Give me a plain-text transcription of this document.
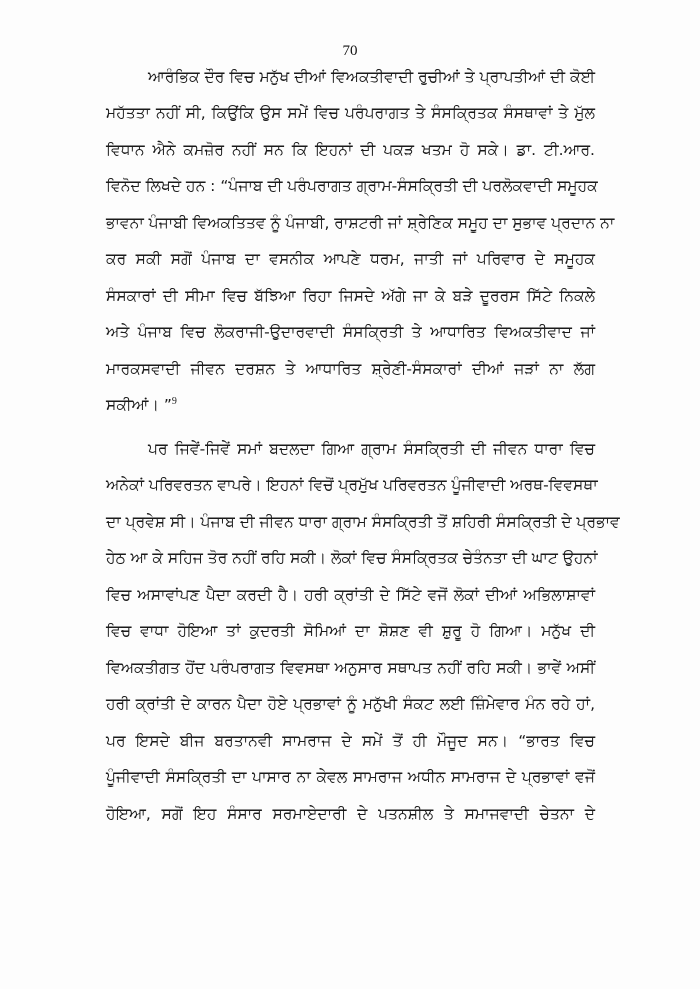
70
ਆਰੰਭਿਕ ਦੌਰ ਵਿਚ ਮਨੁੱਖ ਦੀਆਂ ਵਿਅਕਤੀਵਾਦੀ ਰੁਚੀਆਂ ਤੇ ਪ੍ਰਾਪਤੀਆਂ ਦੀ ਕੋਈ
ਮਹੱਤਤਾ ਨਹੀਂ ਸੀ, ਕਿਉਂਕਿ ਉਸ ਸਮੇਂ ਵਿਚ ਪਰੰਪਰਾਗਤ ਤੇ ਸੰਸਕ੍ਰਿਤਕ ਸੰਸਥਾਵਾਂ ਤੇ ਮੁੱਲ
ਵਿਧਾਨ ਐਨੇ ਕਮਜ਼ੋਰ ਨਹੀਂ ਸਨ ਕਿ ਇਹਨਾਂ ਦੀ ਪਕੜ ਖਤਮ ਹੋ ਸਕੇ। ਡਾ. ਟੀ.ਆਰ.
ਵਿਨੋਦ ਲਿਖਦੇ ਹਨ : “ਪੰਜਾਬ ਦੀ ਪਰੰਪਰਾਗਤ ਗ੍ਰਾਮ-ਸੰਸਕ੍ਰਿਤੀ ਦੀ ਪਰਲੋਕਵਾਦੀ ਸਮੂਹਕ
ਭਾਵਨਾ ਪੰਜਾਬੀ ਵਿਅਕਤਿਤਵ ਨੂੰ ਪੰਜਾਬੀ, ਰਾਸ਼ਟਰੀ ਜਾਂ ਸ਼੍ਰੇਣਿਕ ਸਮੂਹ ਦਾ ਸੁਭਾਵ ਪ੍ਰਦਾਨ ਨਾ
ਕਰ ਸਕੀ ਸਗੋਂ ਪੰਜਾਬ ਦਾ ਵਸਨੀਕ ਆਪਣੇ ਧਰਮ, ਜਾਤੀ ਜਾਂ ਪਰਿਵਾਰ ਦੇ ਸਮੂਹਕ
ਸੰਸਕਾਰਾਂ ਦੀ ਸੀਮਾ ਵਿਚ ਬੱਝਿਆ ਰਿਹਾ ਜਿਸਦੇ ਅੱਗੇ ਜਾ ਕੇ ਬੜੇ ਦੂਰਰਸ ਸਿੱਟੇ ਨਿਕਲੇ
ਅਤੇ ਪੰਜਾਬ ਵਿਚ ਲੋਕਰਾਜੀ-ਉਦਾਰਵਾਦੀ ਸੰਸਕ੍ਰਿਤੀ ਤੇ ਆਧਾਰਿਤ ਵਿਅਕਤੀਵਾਦ ਜਾਂ
ਮਾਰਕਸਵਾਦੀ ਜੀਵਨ ਦਰਸ਼ਨ ਤੇ ਆਧਾਰਿਤ ਸ਼੍ਰੇਣੀ-ਸੰਸਕਾਰਾਂ ਦੀਆਂ ਜੜਾਂ ਨਾ ਲੱਗ
ਸਕੀਆਂ। ”$^9$
ਪਰ ਜਿਵੇਂ-ਜਿਵੇਂ ਸਮਾਂ ਬਦਲਦਾ ਗਿਆ ਗ੍ਰਾਮ ਸੰਸਕ੍ਰਿਤੀ ਦੀ ਜੀਵਨ ਧਾਰਾ ਵਿਚ
ਅਨੇਕਾਂ ਪਰਿਵਰਤਨ ਵਾਪਰੇ। ਇਹਨਾਂ ਵਿਚੋਂ ਪ੍ਰਮੁੱਖ ਪਰਿਵਰਤਨ ਪੂੰਜੀਵਾਦੀ ਅਰਥ-ਵਿਵਸਥਾ
ਦਾ ਪ੍ਰਵੇਸ਼ ਸੀ। ਪੰਜਾਬ ਦੀ ਜੀਵਨ ਧਾਰਾ ਗ੍ਰਾਮ ਸੰਸਕ੍ਰਿਤੀ ਤੋਂ ਸ਼ਹਿਰੀ ਸੰਸਕ੍ਰਿਤੀ ਦੇ ਪ੍ਰਭਾਵ
ਹੇਠ ਆ ਕੇ ਸਹਿਜ ਤੋਰ ਨਹੀਂ ਰਹਿ ਸਕੀ। ਲੋਕਾਂ ਵਿਚ ਸੰਸਕ੍ਰਿਤਕ ਚੇਤੰਨਤਾ ਦੀ ਘਾਟ ਉਹਨਾਂ
ਵਿਚ ਅਸਾਵਾਂਪਣ ਪੈਦਾ ਕਰਦੀ ਹੈ। ਹਰੀ ਕ੍ਰਾਂਤੀ ਦੇ ਸਿੱਟੇ ਵਜੋਂ ਲੋਕਾਂ ਦੀਆਂ ਅਭਿਲਾਸ਼ਾਵਾਂ
ਵਿਚ ਵਾਧਾ ਹੋਇਆ ਤਾਂ ਕੁਦਰਤੀ ਸੋਮਿਆਂ ਦਾ ਸ਼ੋਸ਼ਣ ਵੀ ਸ਼ੁਰੂ ਹੋ ਗਿਆ। ਮਨੁੱਖ ਦੀ
ਵਿਅਕਤੀਗਤ ਹੋਂਦ ਪਰੰਪਰਾਗਤ ਵਿਵਸਥਾ ਅਨੁਸਾਰ ਸਥਾਪਤ ਨਹੀਂ ਰਹਿ ਸਕੀ। ਭਾਵੇਂ ਅਸੀਂ
ਹਰੀ ਕ੍ਰਾਂਤੀ ਦੇ ਕਾਰਨ ਪੈਦਾ ਹੋਏ ਪ੍ਰਭਾਵਾਂ ਨੂੰ ਮਨੁੱਖੀ ਸੰਕਟ ਲਈ ਜ਼ਿੰਮੇਵਾਰ ਮੰਨ ਰਹੇ ਹਾਂ,
ਪਰ ਇਸਦੇ ਬੀਜ ਬਰਤਾਨਵੀ ਸਾਮਰਾਜ ਦੇ ਸਮੇਂ ਤੋਂ ਹੀ ਮੌਜੂਦ ਸਨ। “ਭਾਰਤ ਵਿਚ
ਪੂੰਜੀਵਾਦੀ ਸੰਸਕ੍ਰਿਤੀ ਦਾ ਪਾਸਾਰ ਨਾ ਕੇਵਲ ਸਾਮਰਾਜ ਅਧੀਨ ਸਾਮਰਾਜ ਦੇ ਪ੍ਰਭਾਵਾਂ ਵਜੋਂ
ਹੋਇਆ, ਸਗੋਂ ਇਹ ਸੰਸਾਰ ਸਰਮਾਏਦਾਰੀ ਦੇ ਪਤਨਸ਼ੀਲ ਤੇ ਸਮਾਜਵਾਦੀ ਚੇਤਨਾ ਦੇ
